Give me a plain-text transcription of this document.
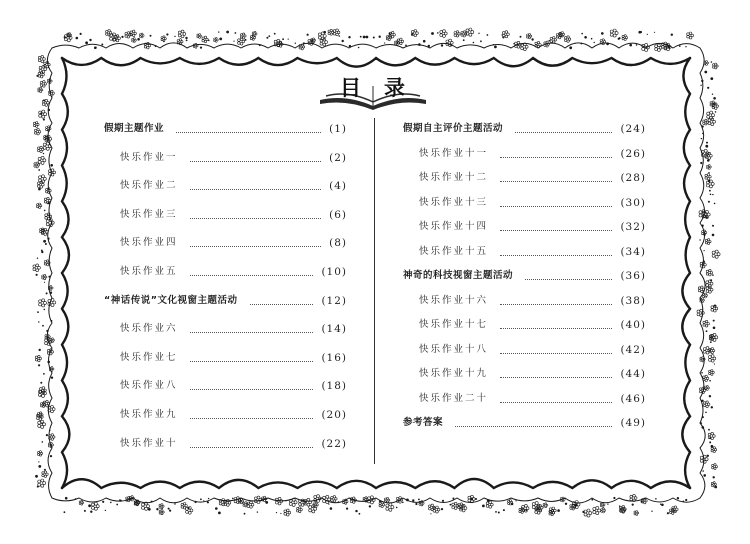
目 录
假期主题作业	(1)
快乐作业一	(2)
快乐作业二	(4)
快乐作业三	(6)
快乐作业四	(8)
快乐作业五	(10)
“神话传说”文化视窗主题活动	(12)
快乐作业六	(14)
快乐作业七	(16)
快乐作业八	(18)
快乐作业九	(20)
快乐作业十	(22)
假期自主评价主题活动	(24)
快乐作业十一	(26)
快乐作业十二	(28)
快乐作业十三	(30)
快乐作业十四	(32)
快乐作业十五	(34)
神奇的科技视窗主题活动	(36)
快乐作业十六	(38)
快乐作业十七	(40)
快乐作业十八	(42)
快乐作业十九	(44)
快乐作业二十	(46)
参考答案	(49)
